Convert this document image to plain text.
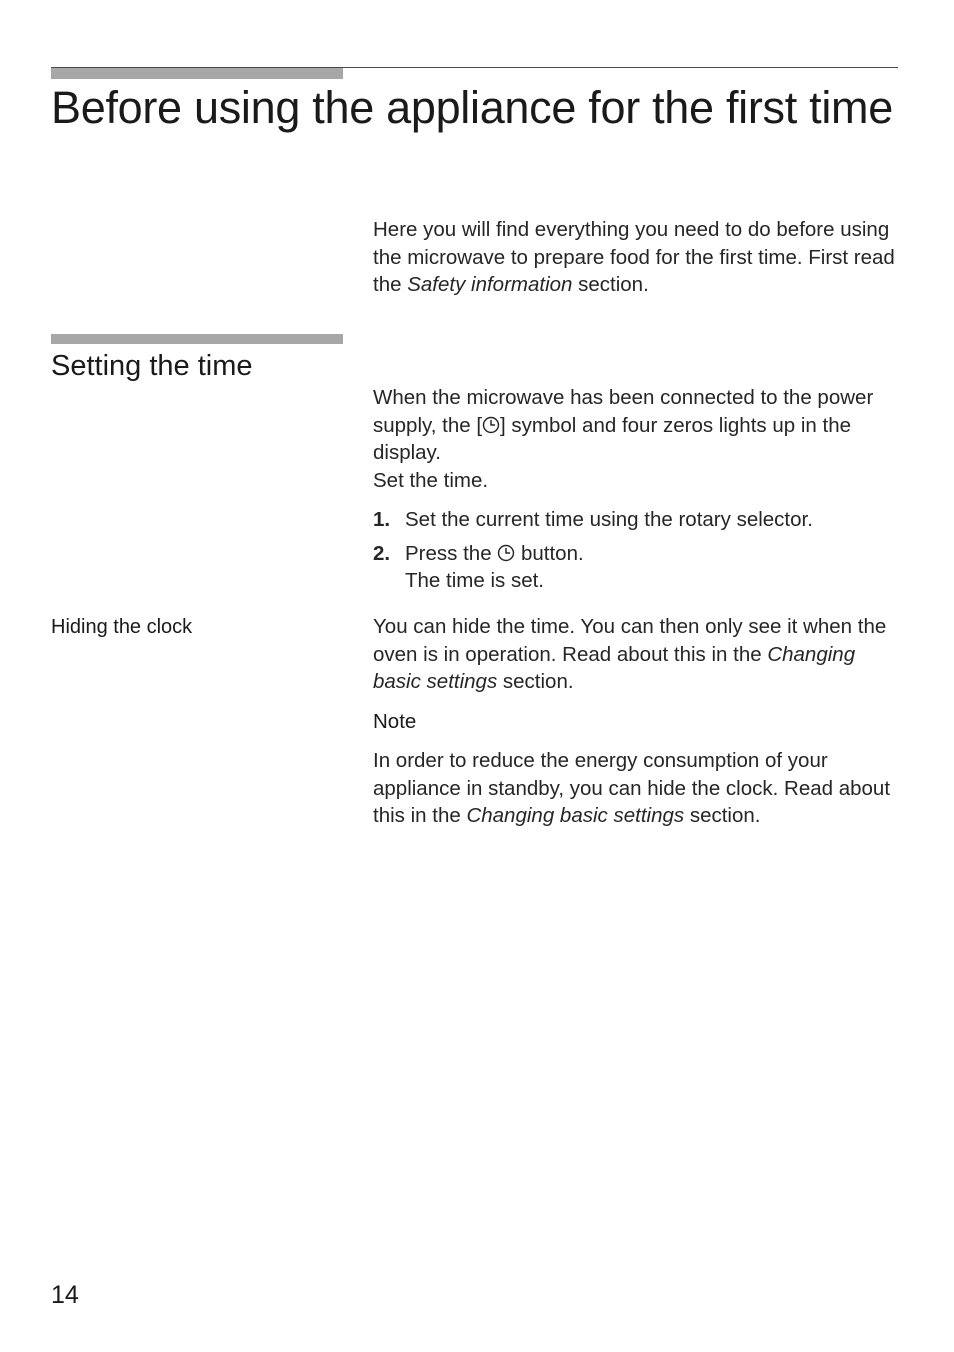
Before using the appliance for the first time

Here you will find everything you need to do before using the microwave to prepare food for the first time. First read the Safety information section.

Setting the time

When the microwave has been connected to the power supply, the [ ] symbol and four zeros lights up in the display.

Set the time.

1. Set the current time using the rotary selector.
2. Press the  button.
The time is set.

Hiding the clock	You can hide the time. You can then only see it when the oven is in operation. Read about this in the Changing basic settings section.

Note

In order to reduce the energy consumption of your appliance in standby, you can hide the clock. Read about this in the Changing basic settings section.

14
